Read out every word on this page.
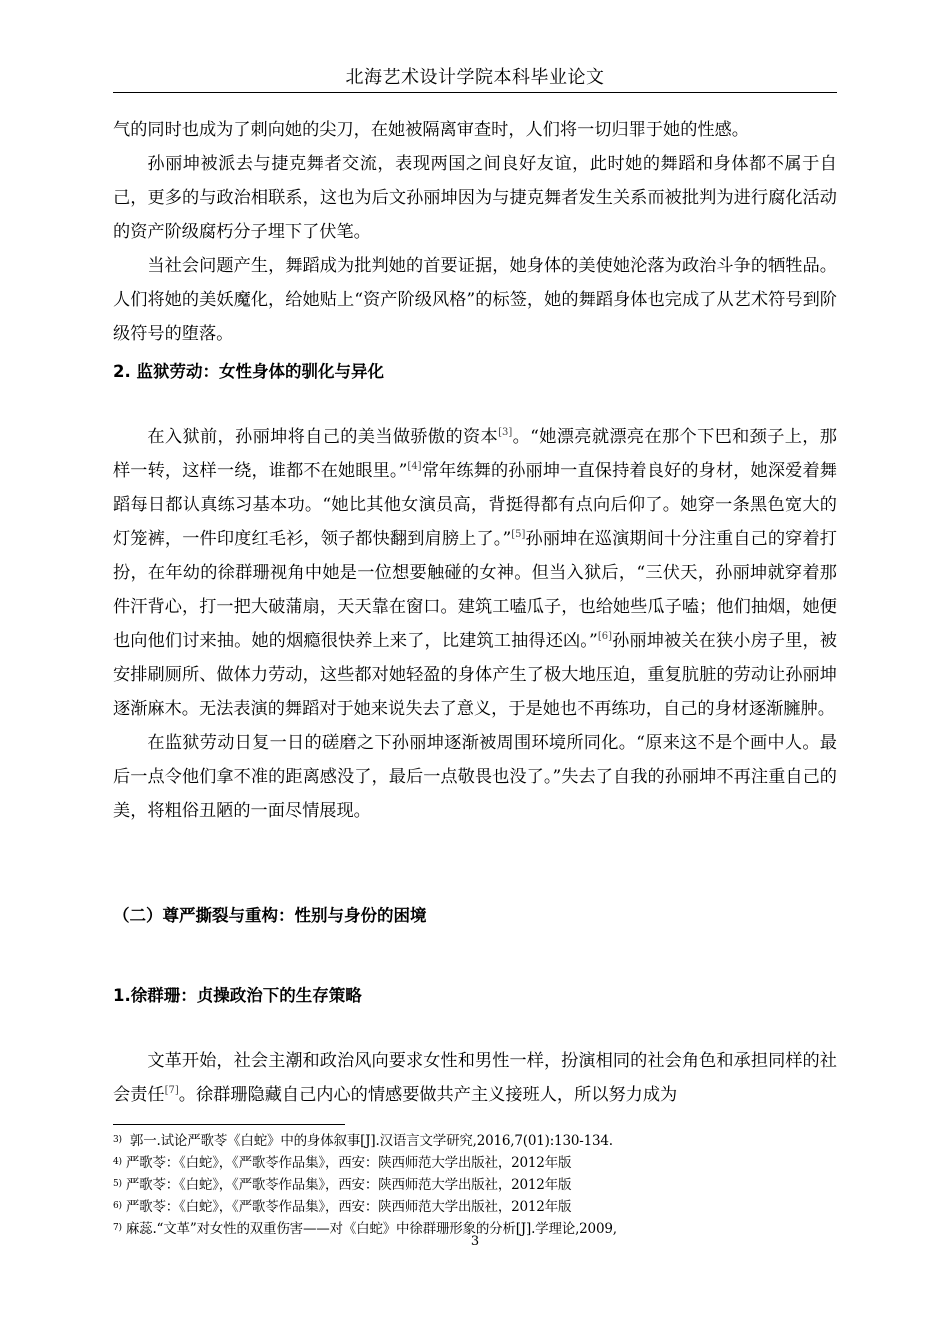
北海艺术设计学院本科毕业论文

气的同时也成为了刺向她的尖刀，在她被隔离审查时，人们将一切归罪于她的性感。

孙丽坤被派去与捷克舞者交流，表现两国之间良好友谊，此时她的舞蹈和身体都不属于自己，更多的与政治相联系，这也为后文孙丽坤因为与捷克舞者发生关系而被批判为进行腐化活动的资产阶级腐朽分子埋下了伏笔。

当社会问题产生，舞蹈成为批判她的首要证据，她身体的美使她沦落为政治斗争的牺牲品。人们将她的美妖魔化，给她贴上“资产阶级风格”的标签，她的舞蹈身体也完成了从艺术符号到阶级符号的堕落。

2. 监狱劳动：女性身体的驯化与异化

在入狱前，孙丽坤将自己的美当做骄傲的资本[3]。“她漂亮就漂亮在那个下巴和颈子上，那样一转，这样一绕，谁都不在她眼里。”[4]常年练舞的孙丽坤一直保持着良好的身材，她深爱着舞蹈每日都认真练习基本功。“她比其他女演员高，背挺得都有点向后仰了。她穿一条黑色宽大的灯笼裤，一件印度红毛衫，领子都快翻到肩膀上了。”[5]孙丽坤在巡演期间十分注重自己的穿着打扮，在年幼的徐群珊视角中她是一位想要触碰的女神。但当入狱后，“三伏天，孙丽坤就穿着那件汗背心，打一把大破蒲扇，天天靠在窗口。建筑工嗑瓜子，也给她些瓜子嗑；他们抽烟，她便也向他们讨来抽。她的烟瘾很快养上来了，比建筑工抽得还凶。”[6]孙丽坤被关在狭小房子里，被安排刷厕所、做体力劳动，这些都对她轻盈的身体产生了极大地压迫，重复肮脏的劳动让孙丽坤逐渐麻木。无法表演的舞蹈对于她来说失去了意义，于是她也不再练功，自己的身材逐渐臃肿。

在监狱劳动日复一日的磋磨之下孙丽坤逐渐被周围环境所同化。“原来这不是个画中人。最后一点令他们拿不准的距离感没了，最后一点敬畏也没了。”失去了自我的孙丽坤不再注重自己的美，将粗俗丑陋的一面尽情展现。

（二）尊严撕裂与重构：性别与身份的困境
1.徐群珊：贞操政治下的生存策略

文革开始，社会主潮和政治风向要求女性和男性一样，扮演相同的社会角色和承担同样的社会责任[7]。徐群珊隐藏自己内心的情感要做共产主义接班人，所以努力成为

$^{3)}$ 郭一.试论严歌苓《白蛇》中的身体叙事[J].汉语言文学研究,2016,7(01):130-134.
$^{4)}$ 严歌苓：《白蛇》，《严歌苓作品集》，西安：陕西师范大学出版社，2012年版
$^{5)}$ 严歌苓：《白蛇》，《严歌苓作品集》，西安：陕西师范大学出版社，2012年版
$^{6)}$ 严歌苓：《白蛇》，《严歌苓作品集》，西安：陕西师范大学出版社，2012年版
$^{7)}$ 麻蕊.“文革”对女性的双重伤害——对《白蛇》中徐群珊形象的分析[J].学理论,2009,
3
